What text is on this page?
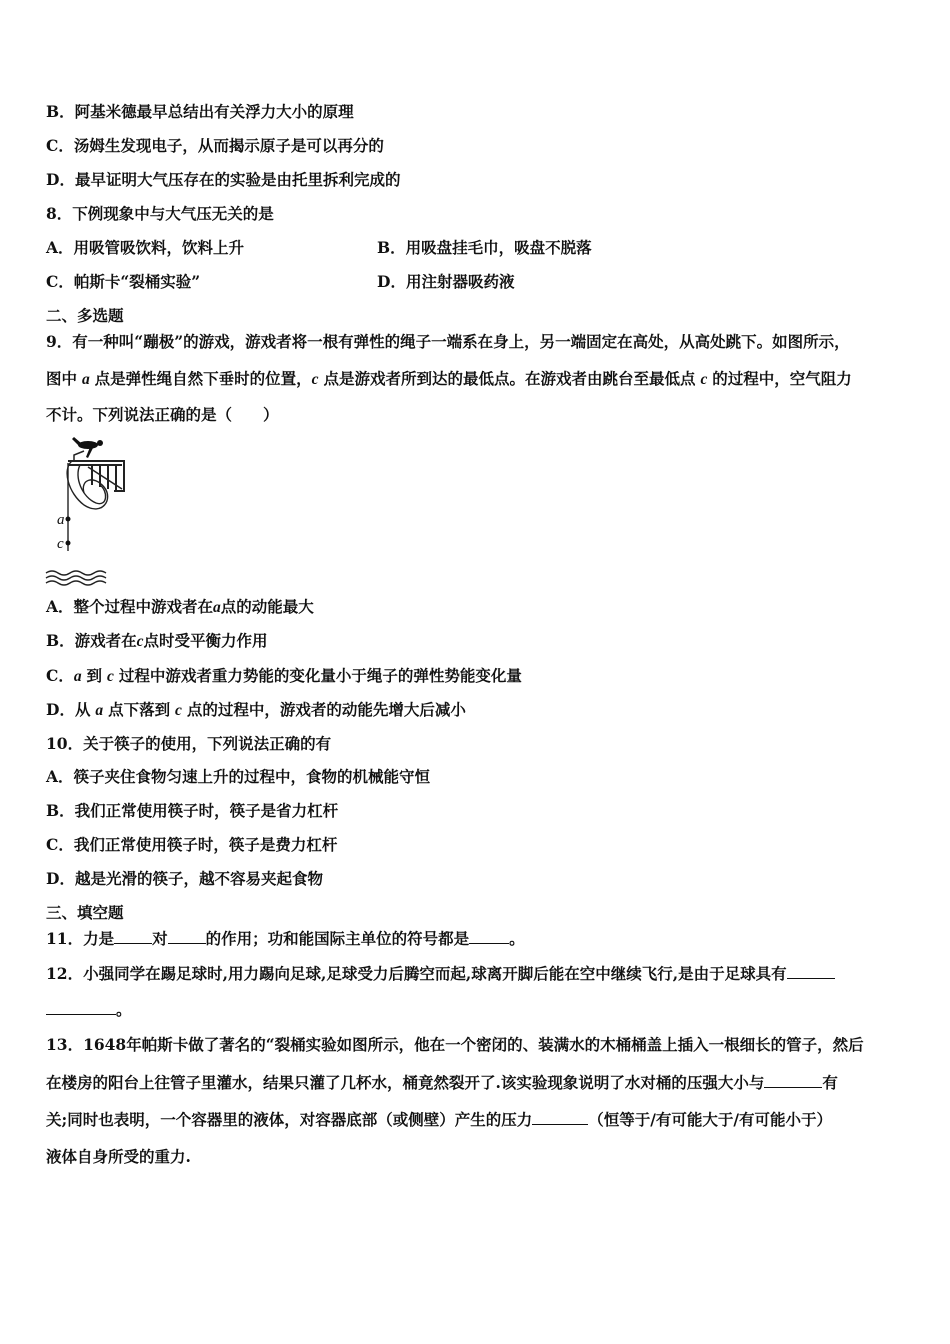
B．阿基米德最早总结出有关浮力大小的原理
C．汤姆生发现电子，从而揭示原子是可以再分的
D．最早证明大气压存在的实验是由托里拆利完成的
8．下例现象中与大气压无关的是
A．用吸管吸饮料，饮料上升	B．用吸盘挂毛巾，吸盘不脱落
C．帕斯卡“裂桶实验”	D．用注射器吸药液
二、多选题
9．有一种叫“蹦极”的游戏，游戏者将一根有弹性的绳子一端系在身上，另一端固定在高处，从高处跳下。如图所示，
图中 a 点是弹性绳自然下垂时的位置，c 点是游戏者所到达的最低点。在游戏者由跳台至最低点 c 的过程中，空气阻力
不计。下列说法正确的是（　　）
a
c
A．整个过程中游戏者在a点的动能最大
B．游戏者在c点时受平衡力作用
C．a 到 c 过程中游戏者重力势能的变化量小于绳子的弹性势能变化量
D．从 a 点下落到 c 点的过程中，游戏者的动能先增大后减小
10．关于筷子的使用，下列说法正确的有
A．筷子夹住食物匀速上升的过程中，食物的机械能守恒
B．我们正常使用筷子时，筷子是省力杠杆
C．我们正常使用筷子时，筷子是费力杠杆
D．越是光滑的筷子，越不容易夹起食物
三、填空题
11．力是 对 的作用；功和能国际主单位的符号都是	。
12．小强同学在踢足球时,用力踢向足球,足球受力后腾空而起,球离开脚后能在空中继续飞行,是由于足球具有
。
13．1648年帕斯卡做了著名的“裂桶实验如图所示，他在一个密闭的、装满水的木桶桶盖上插入一根细长的管子，然后
在楼房的阳台上往管子里灌水，结果只灌了几杯水，桶竟然裂开了.该实验现象说明了水对桶的压强大小与	有
关;同时也表明，一个容器里的液体，对容器底部（或侧壁）产生的压力	（恒等于/有可能大于/有可能小于）
液体自身所受的重力.
